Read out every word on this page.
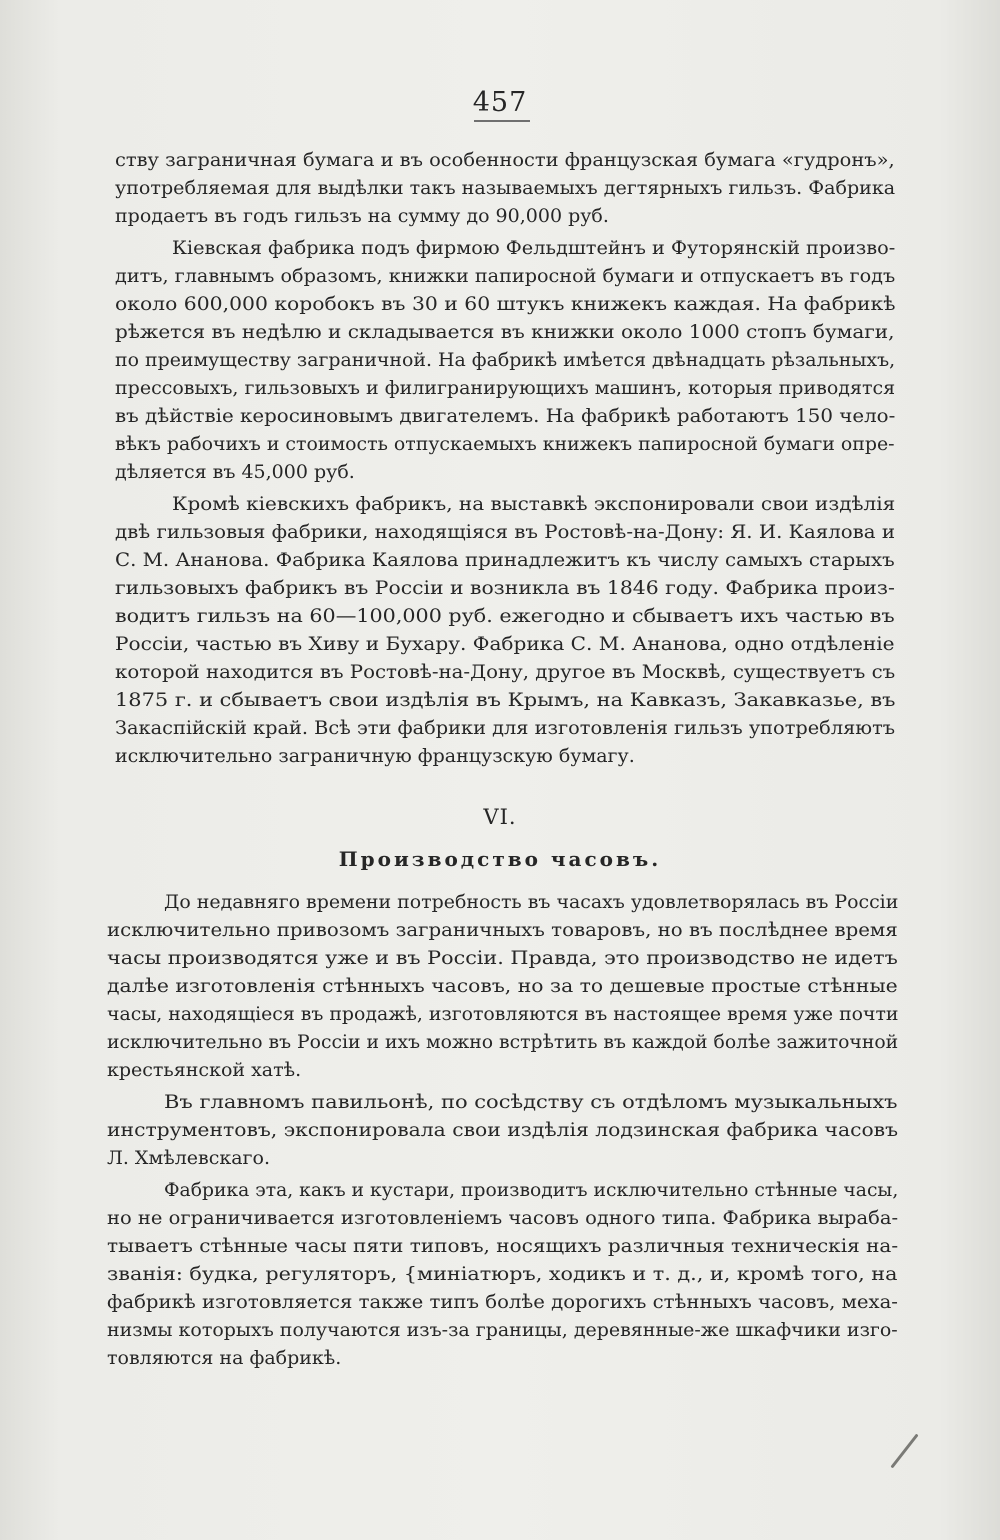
457
ству заграничная бумага и въ особенности французская бумага «гудронъ»,
употребляемая для выдѣлки такъ называемыхъ дегтярныхъ гильзъ. Фабрика
продаетъ въ годъ гильзъ на сумму до 90,000 руб.
Кіевская фабрика подъ фирмою Фельдштейнъ и Футорянскій произво-
дитъ, главнымъ образомъ, книжки папиросной бумаги и отпускаетъ въ годъ
около 600,000 коробокъ въ 30 и 60 штукъ книжекъ каждая. На фабрикѣ
рѣжется въ недѣлю и складывается въ книжки около 1000 стопъ бумаги,
по преимуществу заграничной. На фабрикѣ имѣется двѣнадцать рѣзальныхъ,
прессовыхъ, гильзовыхъ и филигранирующихъ машинъ, которыя приводятся
въ дѣйствіе керосиновымъ двигателемъ. На фабрикѣ работаютъ 150 чело-
вѣкъ рабочихъ и стоимость отпускаемыхъ книжекъ папиросной бумаги опре-
дѣляется въ 45,000 руб.
Кромѣ кіевскихъ фабрикъ, на выставкѣ экспонировали свои издѣлія
двѣ гильзовыя фабрики, находящіяся въ Ростовѣ-на-Дону: Я. И. Каялова и
С. М. Ананова. Фабрика Каялова принадлежитъ къ числу самыхъ старыхъ
гильзовыхъ фабрикъ въ Россіи и возникла въ 1846 году. Фабрика произ-
водитъ гильзъ на 60—100,000 руб. ежегодно и сбываетъ ихъ частью въ
Россіи, частью въ Хиву и Бухару. Фабрика С. М. Ананова, одно отдѣленіе
которой находится въ Ростовѣ-на-Дону, другое въ Москвѣ, существуетъ съ
1875 г. и сбываетъ свои издѣлія въ Крымъ, на Кавказъ, Закавказье, въ
Закаспійскій край. Всѣ эти фабрики для изготовленія гильзъ употребляютъ
исключительно заграничную французскую бумагу.
До недавняго времени потребность въ часахъ удовлетворялась въ Россіи
исключительно привозомъ заграничныхъ товаровъ, но въ послѣднее время
часы производятся уже и въ Россіи. Правда, это производство не идетъ
далѣе изготовленія стѣнныхъ часовъ, но за то дешевые простые стѣнные
часы, находящіеся въ продажѣ, изготовляются въ настоящее время уже почти
исключительно въ Россіи и ихъ можно встрѣтить въ каждой болѣе зажиточной
крестьянской хатѣ.
Въ главномъ павильонѣ, по сосѣдству съ отдѣломъ музыкальныхъ
инструментовъ, экспонировала свои издѣлія лодзинская фабрика часовъ
Л. Хмѣлевскаго.
Фабрика эта, какъ и кустари, производитъ исключительно стѣнные часы,
но не ограничивается изготовленіемъ часовъ одного типа. Фабрика выраба-
тываетъ стѣнные часы пяти типовъ, носящихъ различныя техническія на-
званія: будка, регуляторъ, {миніатюръ, ходикъ и т. д., и, кромѣ того, на
фабрикѣ изготовляется также типъ болѣе дорогихъ стѣнныхъ часовъ, меха-
низмы которыхъ получаются изъ-за границы, деревянные-же шкафчики изго-
товляются на фабрикѣ.
VI.
Производство часовъ.
